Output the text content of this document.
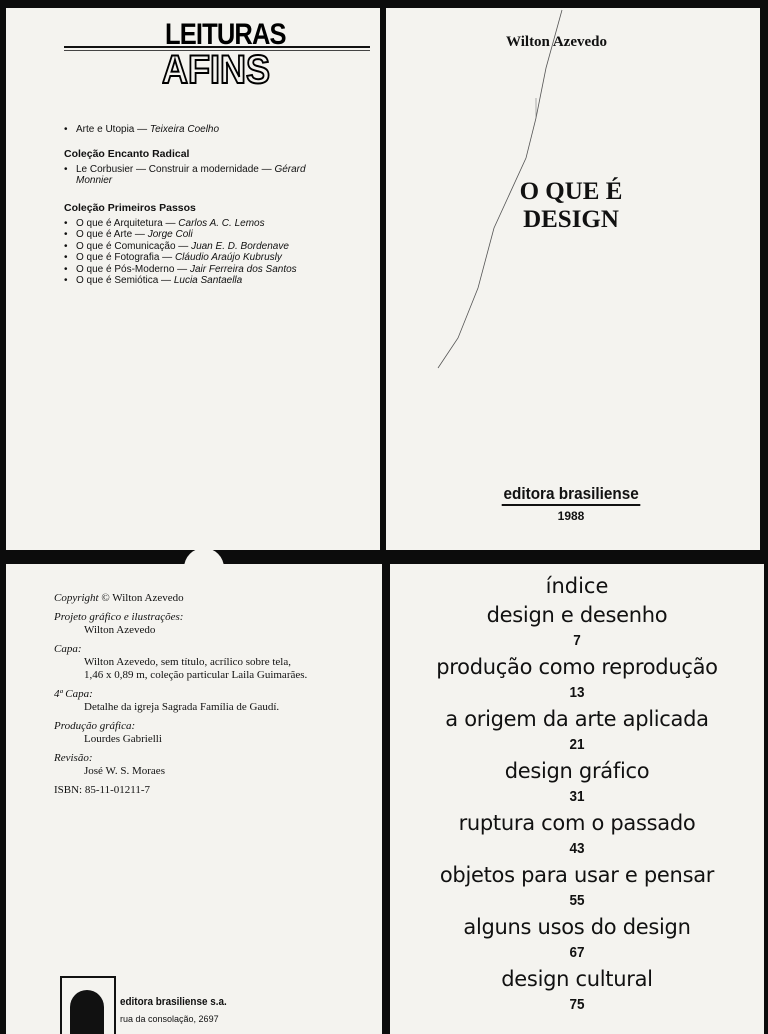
LEITURAS
AFINS
• Arte e Utopia — Teixeira Coelho
Coleção Encanto Radical
• Le Corbusier — Construir a modernidade — Gérard Monnier
Coleção Primeiros Passos
• O que é Arquitetura — Carlos A. C. Lemos
• O que é Arte — Jorge Coli
• O que é Comunicação — Juan E. D. Bordenave
• O que é Fotografia — Cláudio Araújo Kubrusly
• O que é Pós-Moderno — Jair Ferreira dos Santos
• O que é Semiótica — Lucia Santaella
Wilton Azevedo
O QUE É
DESIGN
editora brasiliense
1988
Copyright © Wilton Azevedo
Projeto gráfico e ilustrações:
Wilton Azevedo
Capa:
Wilton Azevedo, sem título, acrílico sobre tela,
1,46 x 0,89 m, coleção particular Laila Guimarães.
4ª Capa:
Detalhe da igreja Sagrada Família de Gaudí.
Produção gráfica:
Lourdes Gabrielli
Revisão:
José W. S. Moraes
ISBN: 85-11-01211-7
editora brasiliense s.a.
rua da consolação, 2697
índice
design e desenho
7
produção como reprodução
13
a origem da arte aplicada
21
design gráfico
31
ruptura com o passado
43
objetos para usar e pensar
55
alguns usos do design
67
design cultural
75
